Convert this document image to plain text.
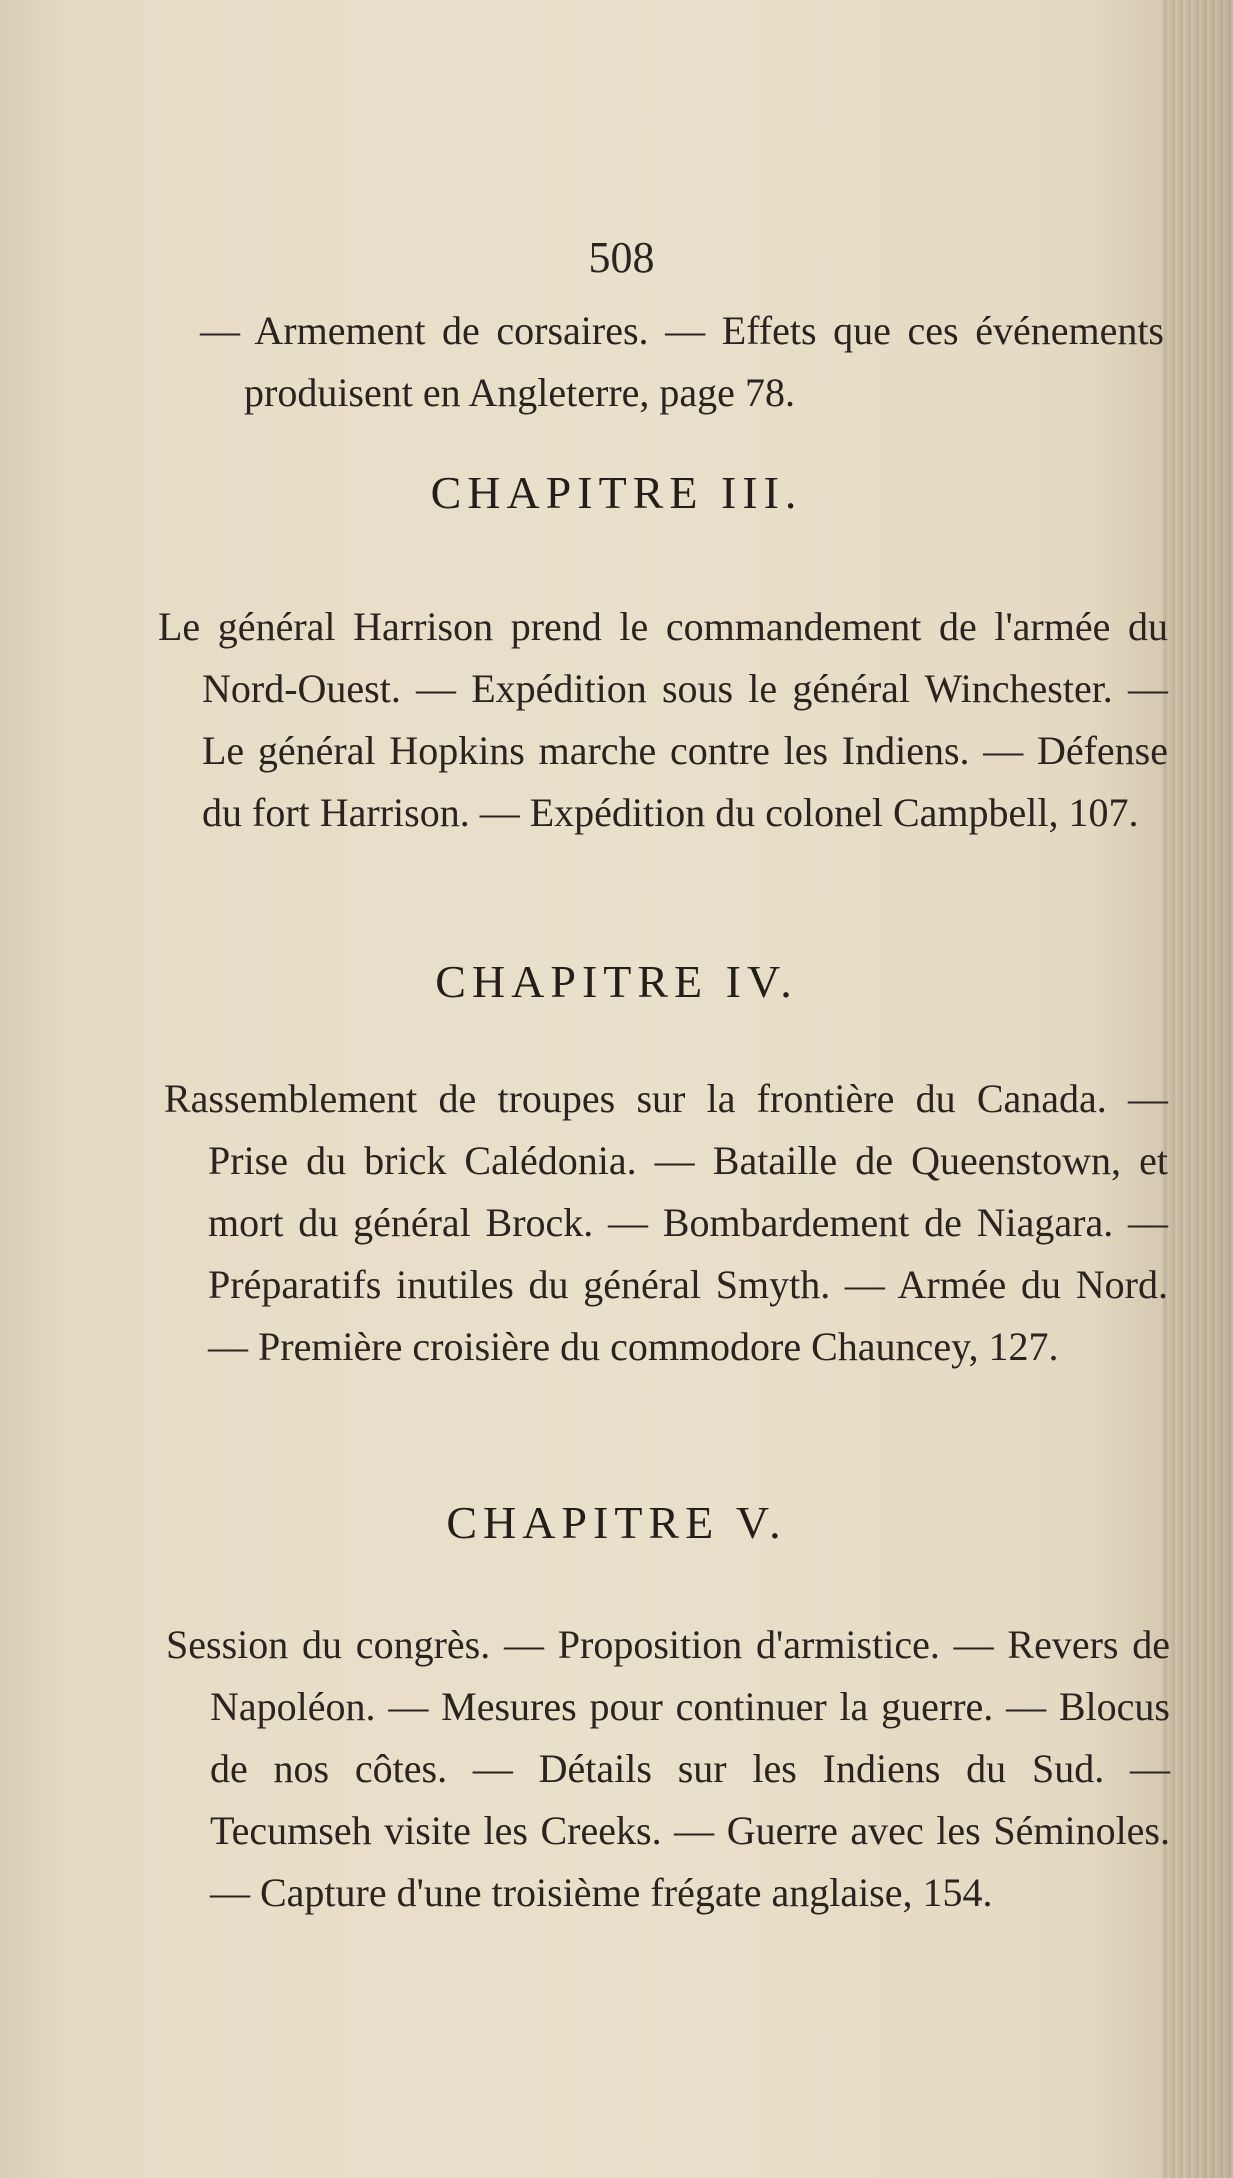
508
— Armement de corsaires. — Effets que ces événements produisent en Angleterre, page 78.
CHAPITRE III.
Le général Harrison prend le commandement de l'armée du Nord-Ouest. — Expédition sous le général Winchester. — Le général Hopkins marche contre les Indiens. — Défense du fort Harrison. — Expédition du colonel Campbell, 107.
CHAPITRE IV.
Rassemblement de troupes sur la frontière du Canada. — Prise du brick Calédonia. — Bataille de Queenstown, et mort du général Brock. — Bombardement de Niagara. — Préparatifs inutiles du général Smyth. — Armée du Nord. — Première croisière du commodore Chauncey, 127.
CHAPITRE V.
Session du congrès. — Proposition d'armistice. — Revers de Napoléon. — Mesures pour continuer la guerre. — Blocus de nos côtes. — Détails sur les Indiens du Sud. — Tecumseh visite les Creeks. — Guerre avec les Séminoles. — Capture d'une troisième frégate anglaise, 154.
